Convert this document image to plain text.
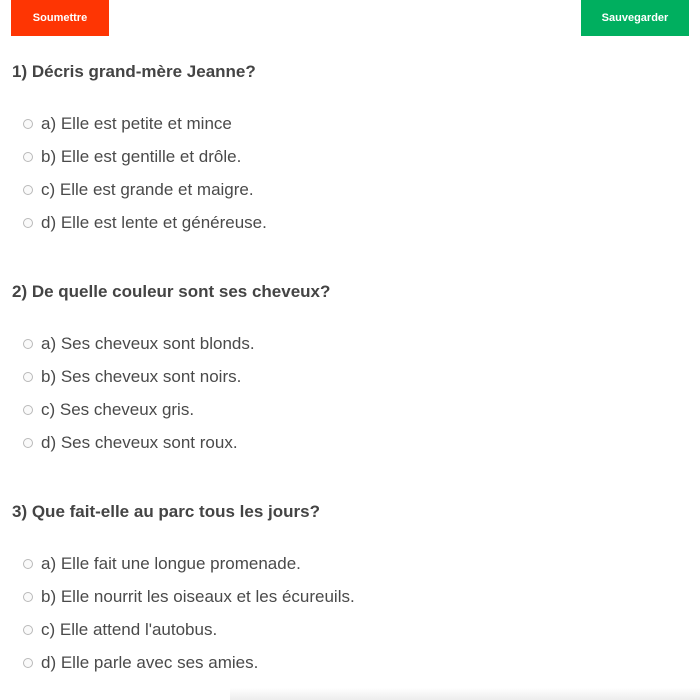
Soumettre	Sauvegarder
1) Décris grand-mère Jeanne?
a) Elle est petite et mince
b) Elle est gentille et drôle.
c) Elle est grande et maigre.
d) Elle est lente et généreuse.
2) De quelle couleur sont ses cheveux?
a) Ses cheveux sont blonds.
b) Ses cheveux sont noirs.
c) Ses cheveux gris.
d) Ses cheveux sont roux.
3) Que fait-elle au parc tous les jours?
a) Elle fait une longue promenade.
b) Elle nourrit les oiseaux et les écureuils.
c) Elle attend l'autobus.
d) Elle parle avec ses amies.
